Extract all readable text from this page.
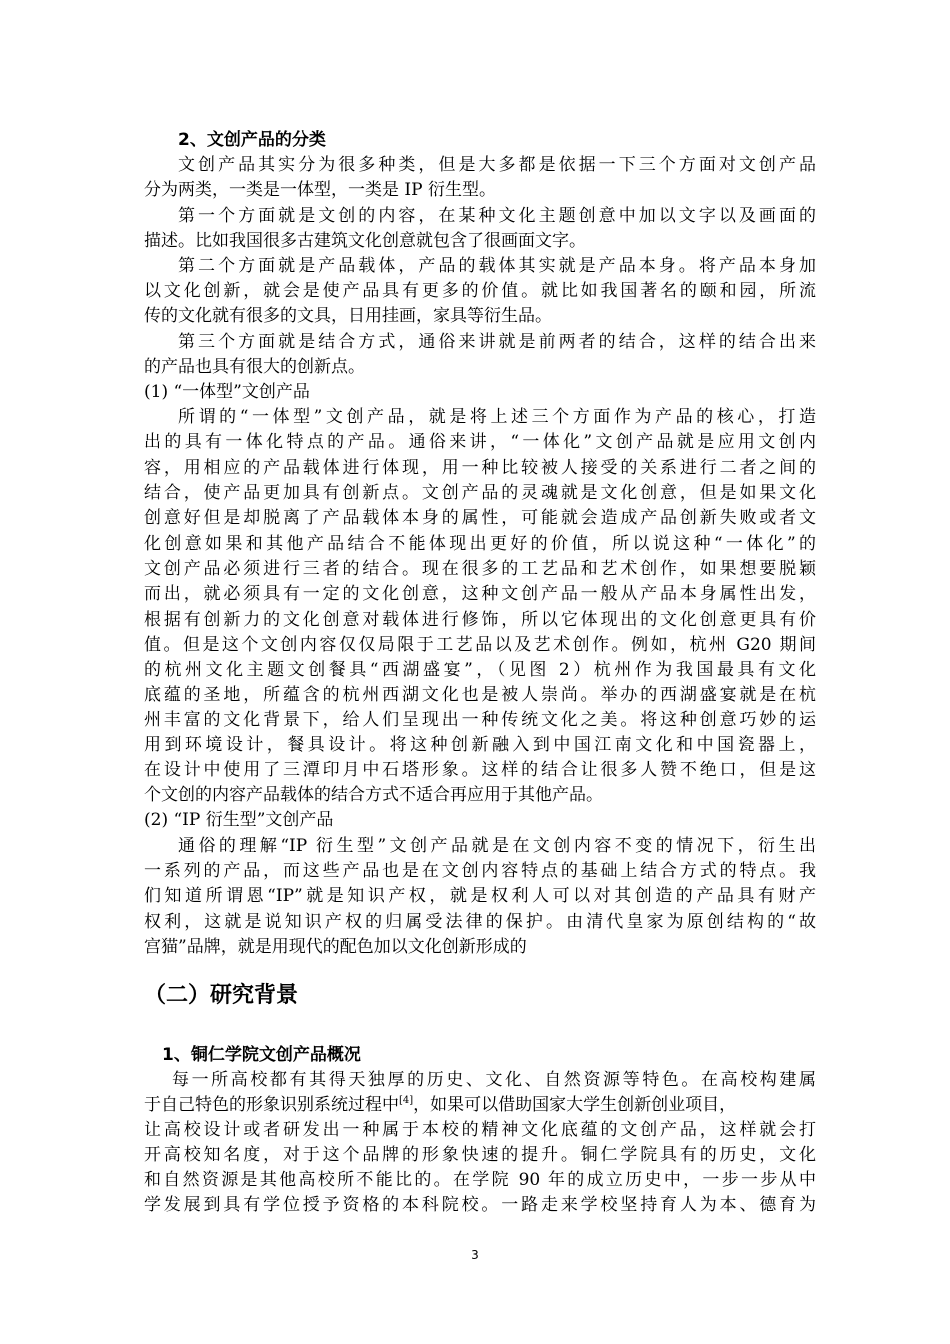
2、文创产品的分类
文创产品其实分为很多种类，但是大多都是依据一下三个方面对文创产品
分为两类，一类是一体型，一类是 IP 衍生型。
第一个方面就是文创的内容，在某种文化主题创意中加以文字以及画面的
描述。比如我国很多古建筑文化创意就包含了很画面文字。
第二个方面就是产品载体，产品的载体其实就是产品本身。将产品本身加
以文化创新，就会是使产品具有更多的价值。就比如我国著名的颐和园，所流
传的文化就有很多的文具，日用挂画，家具等衍生品。
第三个方面就是结合方式，通俗来讲就是前两者的结合，这样的结合出来
的产品也具有很大的创新点。
(1) “一体型”文创产品
所谓的“一体型”文创产品，就是将上述三个方面作为产品的核心，打造
出的具有一体化特点的产品。通俗来讲，“一体化”文创产品就是应用文创内
容，用相应的产品载体进行体现，用一种比较被人接受的关系进行二者之间的
结合，使产品更加具有创新点。文创产品的灵魂就是文化创意，但是如果文化
创意好但是却脱离了产品载体本身的属性，可能就会造成产品创新失败或者文
化创意如果和其他产品结合不能体现出更好的价值，所以说这种“一体化”的
文创产品必须进行三者的结合。现在很多的工艺品和艺术创作，如果想要脱颖
而出，就必须具有一定的文化创意，这种文创产品一般从产品本身属性出发，
根据有创新力的文化创意对载体进行修饰，所以它体现出的文化创意更具有价
值。但是这个文创内容仅仅局限于工艺品以及艺术创作。例如，杭州 G20 期间
的杭州文化主题文创餐具“西湖盛宴”，（见图 2）杭州作为我国最具有文化
底蕴的圣地，所蕴含的杭州西湖文化也是被人崇尚。举办的西湖盛宴就是在杭
州丰富的文化背景下，给人们呈现出一种传统文化之美。将这种创意巧妙的运
用到环境设计，餐具设计。将这种创新融入到中国江南文化和中国瓷器上，
在设计中使用了三潭印月中石塔形象。这样的结合让很多人赞不绝口，但是这
个文创的内容产品载体的结合方式不适合再应用于其他产品。
(2) “IP 衍生型”文创产品
通俗的理解“IP 衍生型”文创产品就是在文创内容不变的情况下，衍生出
一系列的产品，而这些产品也是在文创内容特点的基础上结合方式的特点。我
们知道所谓恩“IP”就是知识产权，就是权利人可以对其创造的产品具有财产
权利，这就是说知识产权的归属受法律的保护。由清代皇家为原创结构的“故
宫猫”品牌，就是用现代的配色加以文化创新形成的
（二）研究背景
1、铜仁学院文创产品概况
每一所高校都有其得天独厚的历史、文化、自然资源等特色。在高校构建属
于自己特色的形象识别系统过程中[4]，如果可以借助国家大学生创新创业项目，
让高校设计或者研发出一种属于本校的精神文化底蕴的文创产品，这样就会打
开高校知名度，对于这个品牌的形象快速的提升。铜仁学院具有的历史，文化
和自然资源是其他高校所不能比的。在学院 90 年的成立历史中，一步一步从中
学发展到具有学位授予资格的本科院校。一路走来学校坚持育人为本、德育为
3
